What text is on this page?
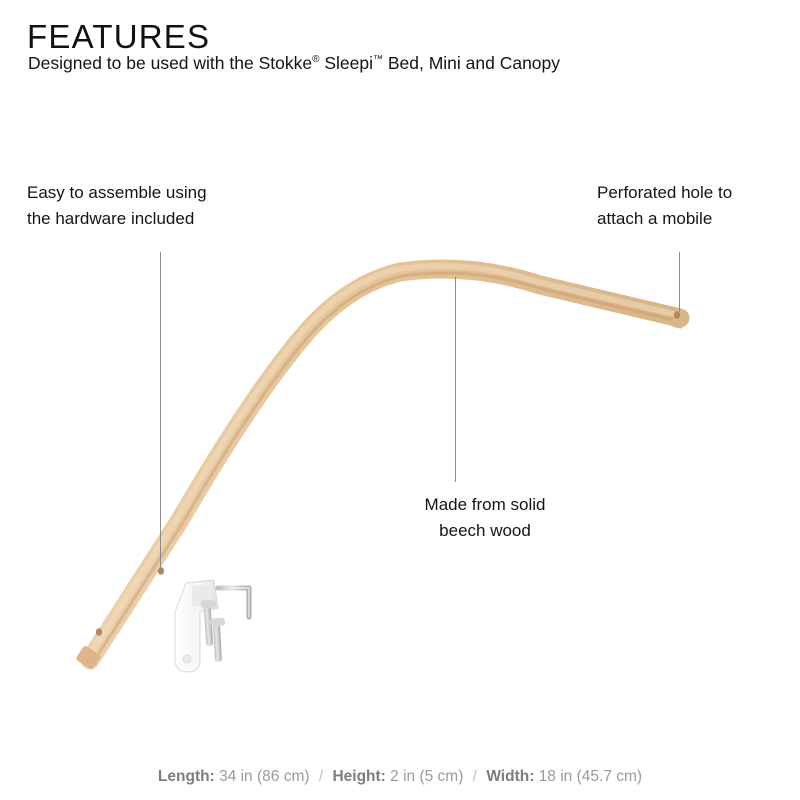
FEATURES
Designed to be used with the Stokke® Sleepi™ Bed, Mini and Canopy
Easy to assemble using
the hardware included
Perforated hole to
attach a mobile
Made from solid
beech wood
Length: 34 in (86 cm) / Height: 2 in (5 cm) / Width: 18 in (45.7 cm)
